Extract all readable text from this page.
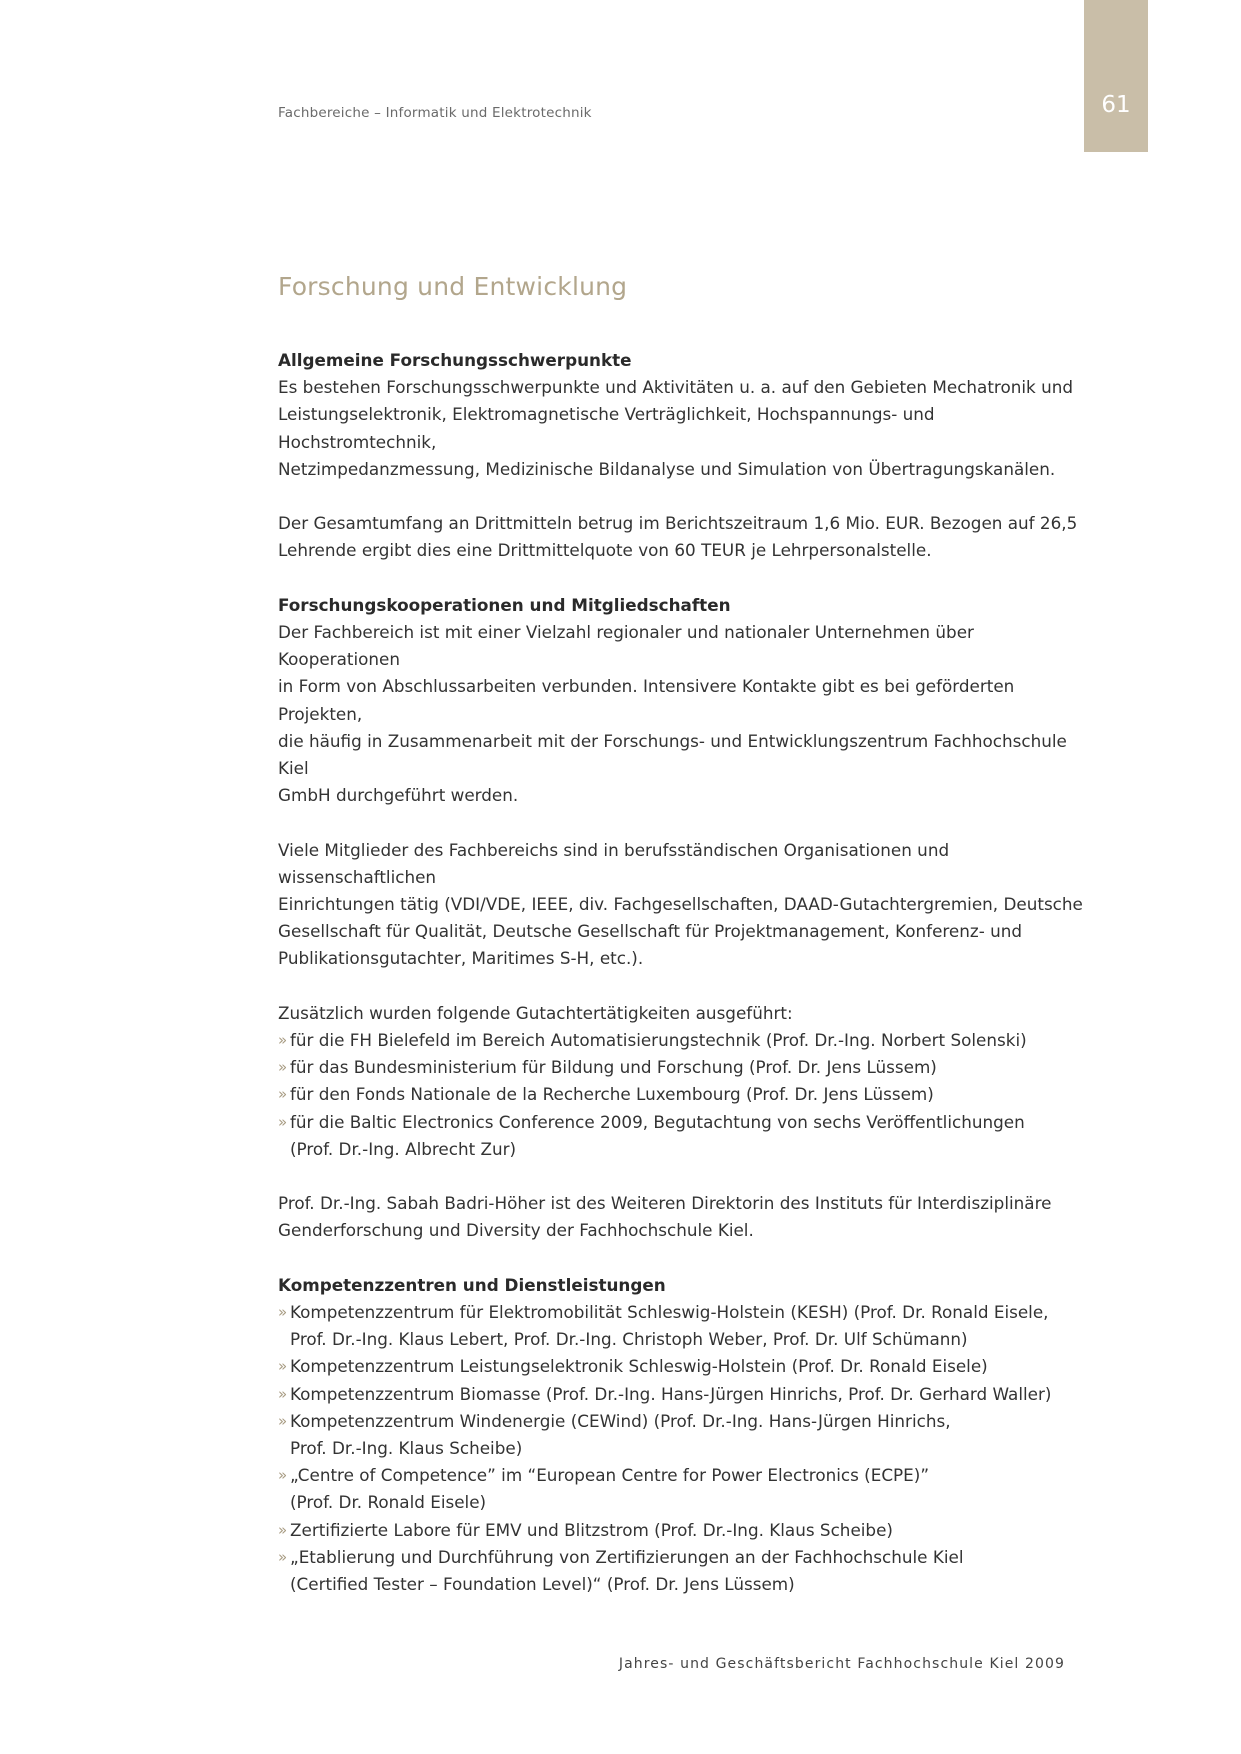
61
Fachbereiche – Informatik und Elektrotechnik
Forschung und Entwicklung

Allgemeine Forschungsschwerpunkte

Es bestehen Forschungsschwerpunkte und Aktivitäten u. a. auf den Gebieten Mechatronik und

Leistungselektronik, Elektromagnetische Verträglichkeit, Hochspannungs- und Hochstromtechnik,

Netzimpedanzmessung, Medizinische Bildanalyse und Simulation von Übertragungskanälen.

Der Gesamtumfang an Drittmitteln betrug im Berichtszeitraum 1,6 Mio. EUR. Bezogen auf 26,5

Lehrende ergibt dies eine Drittmittelquote von 60 TEUR je Lehrpersonalstelle.

Forschungskooperationen und Mitgliedschaften

Der Fachbereich ist mit einer Vielzahl regionaler und nationaler Unternehmen über Kooperationen

in Form von Abschlussarbeiten verbunden. Intensivere Kontakte gibt es bei geförderten Projekten,

die häufig in Zusammenarbeit mit der Forschungs- und Entwicklungszentrum Fachhochschule Kiel

GmbH durchgeführt werden.

Viele Mitglieder des Fachbereichs sind in berufsständischen Organisationen und wissenschaftlichen

Einrichtungen tätig (VDI/VDE, IEEE, div. Fachgesellschaften, DAAD-Gutachtergremien, Deutsche

Gesellschaft für Qualität, Deutsche Gesellschaft für Projektmanagement, Konferenz- und

Publikationsgutachter, Maritimes S-H, etc.).

Zusätzlich wurden folgende Gutachtertätigkeiten ausgeführt:

» für die FH Bielefeld im Bereich Automatisierungstechnik (Prof. Dr.-Ing. Norbert Solenski)
» für das Bundesministerium für Bildung und Forschung (Prof. Dr. Jens Lüssem)
» für den Fonds Nationale de la Recherche Luxembourg (Prof. Dr. Jens Lüssem)
» für die Baltic Electronics Conference 2009, Begutachtung von sechs Veröffentlichungen
(Prof. Dr.-Ing. Albrecht Zur)

Prof. Dr.-Ing. Sabah Badri-Höher ist des Weiteren Direktorin des Instituts für Interdisziplinäre

Genderforschung und Diversity der Fachhochschule Kiel.

Kompetenzzentren und Dienstleistungen

» Kompetenzzentrum für Elektromobilität Schleswig-Holstein (KESH) (Prof. Dr. Ronald Eisele,
Prof. Dr.-Ing. Klaus Lebert, Prof. Dr.-Ing. Christoph Weber, Prof. Dr. Ulf Schümann)
» Kompetenzzentrum Leistungselektronik Schleswig-Holstein (Prof. Dr. Ronald Eisele)
» Kompetenzzentrum Biomasse (Prof. Dr.-Ing. Hans-Jürgen Hinrichs, Prof. Dr. Gerhard Waller)
» Kompetenzzentrum Windenergie (CEWind) (Prof. Dr.-Ing. Hans-Jürgen Hinrichs,
Prof. Dr.-Ing. Klaus Scheibe)
» „Centre of Competence” im “European Centre for Power Electronics (ECPE)”
(Prof. Dr. Ronald Eisele)
» Zertifizierte Labore für EMV und Blitzstrom (Prof. Dr.-Ing. Klaus Scheibe)
» „Etablierung und Durchführung von Zertifizierungen an der Fachhochschule Kiel
(Certified Tester – Foundation Level)“ (Prof. Dr. Jens Lüssem)
Jahres- und Geschäftsbericht Fachhochschule Kiel 2009
